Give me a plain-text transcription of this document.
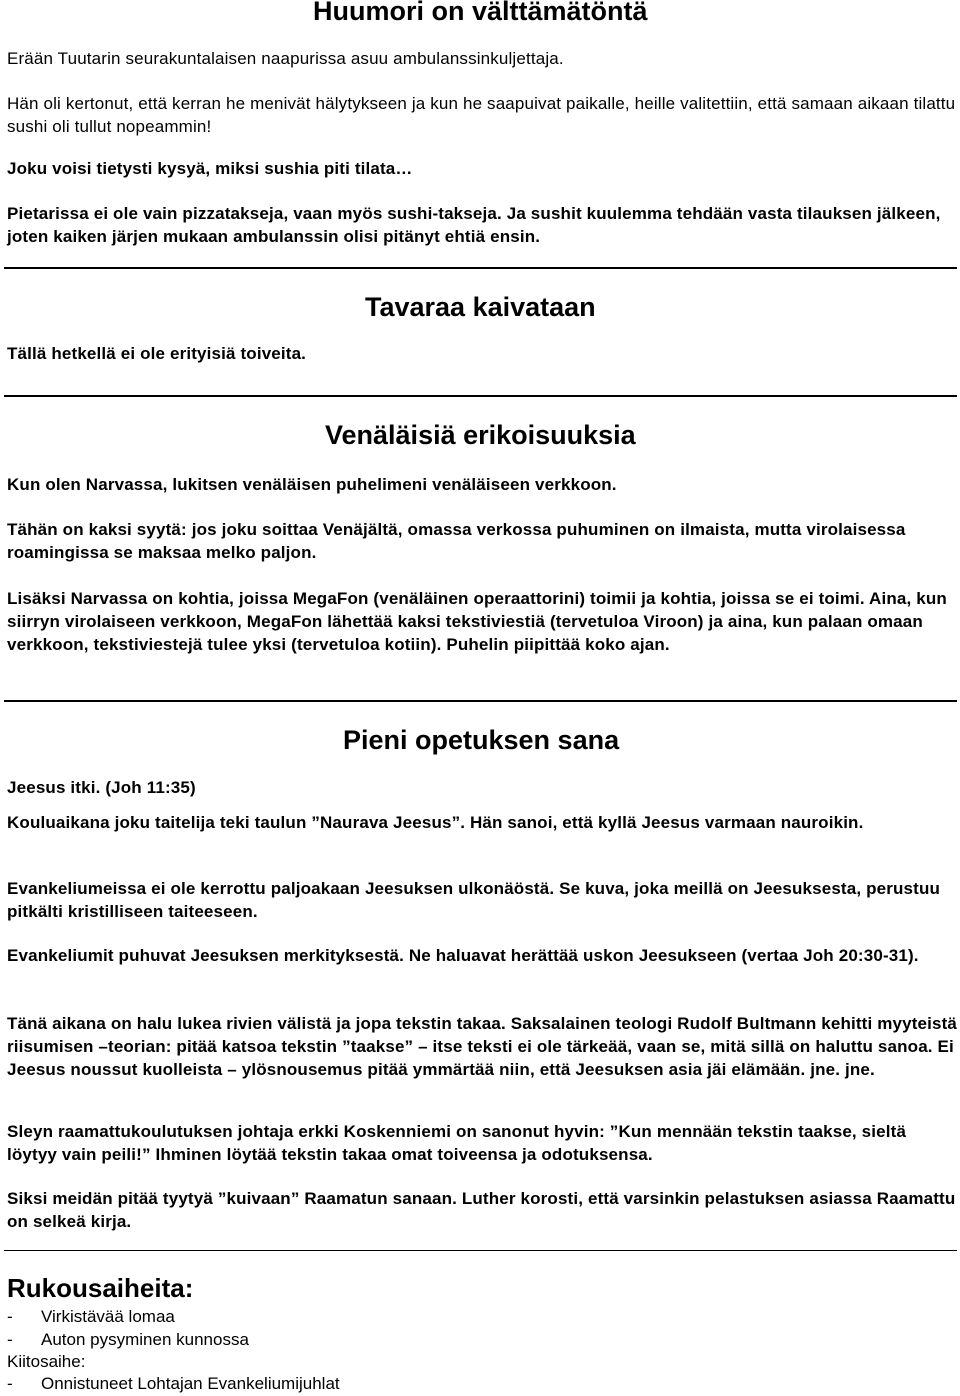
Huumori on välttämätöntä

Erään Tuutarin seurakuntalaisen naapurissa asuu ambulanssinkuljettaja.

Hän oli kertonut, että kerran he menivät hälytykseen ja kun he saapuivat paikalle, heille valitettiin, että samaan aikaan tilattu sushi oli tullut nopeammin!

Joku voisi tietysti kysyä, miksi sushia piti tilata…

Pietarissa ei ole vain pizzatakseja, vaan myös sushi-takseja. Ja sushit kuulemma tehdään vasta tilauksen jälkeen, joten kaiken järjen mukaan ambulanssin olisi pitänyt ehtiä ensin.

Tavaraa kaivataan

Tällä hetkellä ei ole erityisiä toiveita.

Venäläisiä erikoisuuksia

Kun olen Narvassa, lukitsen venäläisen puhelimeni venäläiseen verkkoon.

Tähän on kaksi syytä: jos joku soittaa Venäjältä, omassa verkossa puhuminen on ilmaista, mutta virolaisessa roamingissa se maksaa melko paljon.

Lisäksi Narvassa on kohtia, joissa MegaFon (venäläinen operaattorini) toimii ja kohtia, joissa se ei toimi. Aina, kun siirryn virolaiseen verkkoon, MegaFon lähettää kaksi tekstiviestiä (tervetuloa Viroon) ja aina, kun palaan omaan verkkoon, tekstiviestejä tulee yksi (tervetuloa kotiin). Puhelin piipittää koko ajan.

Pieni opetuksen sana

Jeesus itki. (Joh 11:35)

Kouluaikana joku taitelija teki taulun ”Naurava Jeesus”. Hän sanoi, että kyllä Jeesus varmaan nauroikin.

Evankeliumeissa ei ole kerrottu paljoakaan Jeesuksen ulkonäöstä. Se kuva, joka meillä on Jeesuksesta, perustuu pitkälti kristilliseen taiteeseen.

Evankeliumit puhuvat Jeesuksen merkityksestä. Ne haluavat herättää uskon Jeesukseen (vertaa Joh 20:30-31).

Tänä aikana on halu lukea rivien välistä ja jopa tekstin takaa. Saksalainen teologi Rudolf Bultmann kehitti myyteistä riisumisen –teorian: pitää katsoa tekstin ”taakse” – itse teksti ei ole tärkeää, vaan se, mitä sillä on haluttu sanoa. Ei Jeesus noussut kuolleista – ylösnousemus pitää ymmärtää niin, että Jeesuksen asia jäi elämään. jne. jne.

Sleyn raamattukoulutuksen johtaja erkki Koskenniemi on sanonut hyvin: ”Kun mennään tekstin taakse, sieltä löytyy vain peili!” Ihminen löytää tekstin takaa omat toiveensa ja odotuksensa.

Siksi meidän pitää tyytyä ”kuivaan” Raamatun sanaan. Luther korosti, että varsinkin pelastuksen asiassa Raamattu on selkeä kirja.

Rukousaiheita:
- Virkistävää lomaa
- Auton pysyminen kunnossa

Kiitosaihe:

- Onnistuneet Lohtajan Evankeliumijuhlat
